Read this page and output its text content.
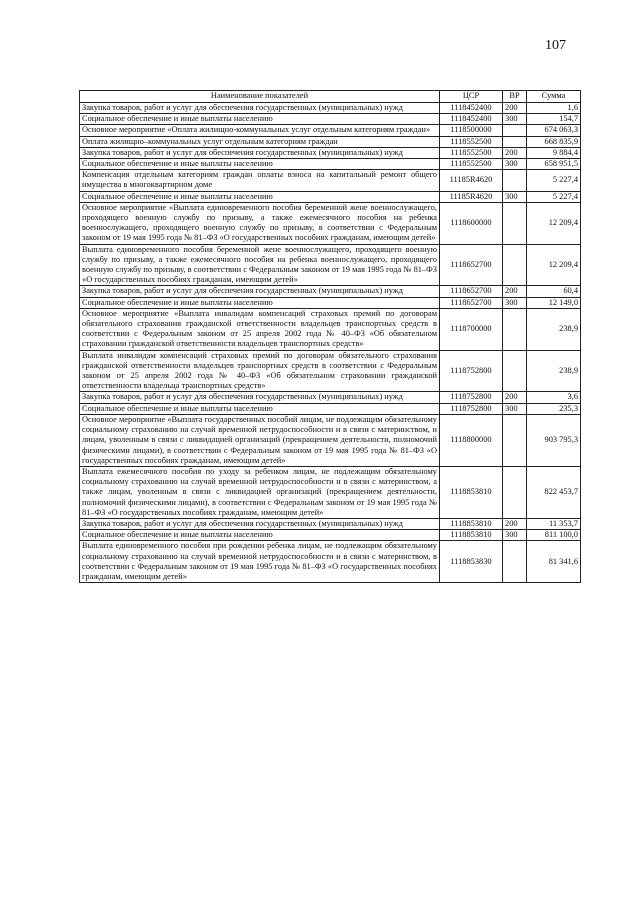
107
Наименование показателей	ЦСР	ВР	Сумма
Закупка товаров, работ и услуг для обеспечения государственных (муниципальных) нужд	1118452400	200	1,6
Социальное обеспечение и иные выплаты населению	1118452400	300	154,7
Основное мероприятие «Оплата жилищно-коммунальных услуг отдельным категориям граждан»	1118500000		674 063,3
Оплата жилищно–коммунальных услуг отдельным категориям граждан	1118552500		668 835,9
Закупка товаров, работ и услуг для обеспечения государственных (муниципальных) нужд	1118552500	200	9 884,4
Социальное обеспечение и иные выплаты населению	1118552500	300	658 951,5
Компенсация отдельным категориям граждан оплаты взноса на капитальный ремонт общего имущества в многоквартирном доме	11185R4620		5 227,4
Социальное обеспечение и иные выплаты населению	11185R4620	300	5 227,4
Основное мероприятие «Выплата единовременного пособия беременной жене военнослужащего, проходящего военную службу по призыву, а также ежемесячного пособия на ребенка военнослужащего, проходящего военную службу по призыву, в соответствии с Федеральным законом от 19 мая 1995 года № 81–ФЗ «О государственных пособиях гражданам, имеющим детей»	1118600000		12 209,4
Выплата единовременного пособия беременной жене военнослужащего, проходящего военную службу по призыву, а также ежемесячного пособия на ребенка военнослужащего, проходящего военную службу по призыву, в соответствии с Федеральным законом от 19 мая 1995 года № 81–ФЗ «О государственных пособиях гражданам, имеющим детей»	1118652700		12 209,4
Закупка товаров, работ и услуг для обеспечения государственных (муниципальных) нужд	1118652700	200	60,4
Социальное обеспечение и иные выплаты населению	1118652700	300	12 149,0
Основное мероприятие «Выплата инвалидам компенсаций страховых премий по договорам обязательного страхования гражданской ответственности владельцев транспортных средств в соответствии с Федеральным законом от 25 апреля 2002 года № 40–ФЗ «Об обязательном страховании гражданской ответственности владельцев транспортных средств»	1118700000		238,9
Выплата инвалидам компенсаций страховых премий по договорам обязательного страхования гражданской ответственности владельцев транспортных средств в соответствии с Федеральным законом от 25 апреля 2002 года № 40–ФЗ «Об обязательном страховании гражданской ответственности владельца транспортных средств»	1118752800		238,9
Закупка товаров, работ и услуг для обеспечения государственных (муниципальных) нужд	1118752800	200	3,6
Социальное обеспечение и иные выплаты населению	1118752800	300	235,3
Основное мероприятие «Выплата государственных пособий лицам, не подлежащим обязательному социальному страхованию на случай временной нетрудоспособности и в связи с материнством, и лицам, уволенным в связи с ликвидацией организаций (прекращением деятельности, полномочий физическими лицами), в соответствии с Федеральным законом от 19 мая 1995 года № 81–ФЗ «О государственных пособиях гражданам, имеющим детей»	1118800000		903 795,3
Выплата ежемесячного пособия по уходу за ребенком лицам, не подлежащим обязательному социальному страхованию на случай временной нетрудоспособности и в связи с материнством, а также лицам, уволенным в связи с ликвидацией организаций (прекращением деятельности, полномочий физическими лицами), в соответствии с Федеральным законом от 19 мая 1995 года № 81–ФЗ «О государственных пособиях гражданам, имеющим детей»	1118853810		822 453,7
Закупка товаров, работ и услуг для обеспечения государственных (муниципальных) нужд	1118853810	200	11 353,7
Социальное обеспечение и иные выплаты населению	1118853810	300	811 100,0
Выплата единовременного пособия при рождении ребенка лицам, не подлежащим обязательному социальному страхованию на случай временной нетрудоспособности и в связи с материнством, в соответствии с Федеральным законом от 19 мая 1995 года № 81–ФЗ «О государственных пособиях гражданам, имеющим детей»	1118853830		81 341,6
